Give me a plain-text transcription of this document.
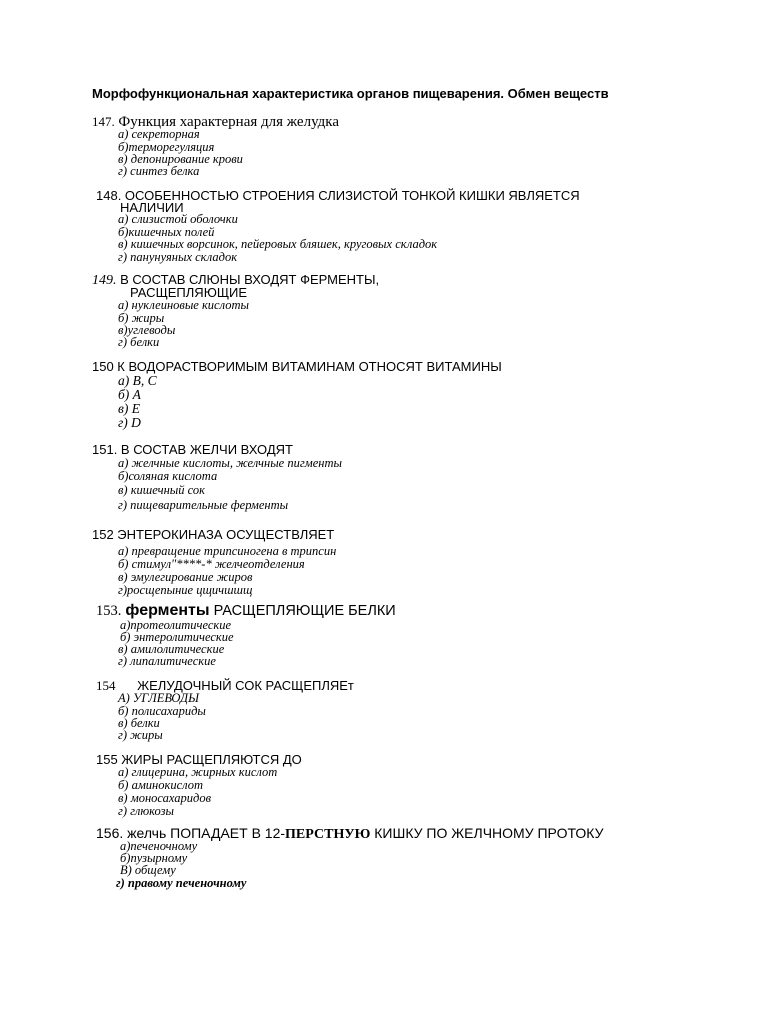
Морфофункциональная характеристика органов пищеварения. Обмен веществ
147. Функция характерная для желудка
а) секреторная
б)терморегуляция
в) депонирование крови
г) синтез белка
148. ОСОБЕННОСТЬЮ СТРОЕНИЯ СЛИЗИСТОЙ ТОНКОЙ КИШКИ ЯВЛЯЕТСЯ
НАЛИЧИИ
а) слизистой оболочки
б)кишечных полей
в) кишечных ворсинок, пейеровых бляшек, круговых складок
г) панунуяных складок
149. В СОСТАВ СЛЮНЫ ВХОДЯТ ФЕРМЕНТЫ,
РАСЩЕПЛЯЮЩИЕ
а) нуклеиновые кислоты
б) жиры
в)углеводы
г) белки
150 К ВОДОРАСТВОРИМЫМ ВИТАМИНАМ ОТНОСЯТ ВИТАМИНЫ
а) В, С
б) А
в) Е
г) D
151. В СОСТАВ ЖЕЛЧИ ВХОДЯТ
а) желчные кислоты, желчные пигменты
б)соляная кислота
в) кишечный сок
г) пищеварительные ферменты
152 ЭНТЕРОКИНАЗА ОСУЩЕСТВЛЯЕТ
а) превращение трипсиногена в трипсин
б) стимул"****-* желчеотделения
в) эмулегирование жиров
г)росщепыние цщичшшщ
153. ферменты РАСЩЕПЛЯЮЩИЕ БЕЛКИ
а)протеолитические
б) энтеролитические
в) амилолитические
г) липалитические
154 ЖЕЛУДОЧНЫЙ СОК РАСЩЕПЛЯЕт
А) УГЛЕВОДЫ
б) полисахариды
в) белки
г) жиры
155 ЖИРЫ РАСЩЕПЛЯЮТСЯ ДО
а) глицерина, жирных кислот
б) аминокислот
в) моносахаридов
г) глюкозы
156. желчь ПОПАДАЕТ В 12-ПЕРСТНУЮ КИШКУ ПО ЖЕЛЧНОМУ ПРОТОКУ
а)печеночному
б)пузырному
В) общему
г) правому печеночному
